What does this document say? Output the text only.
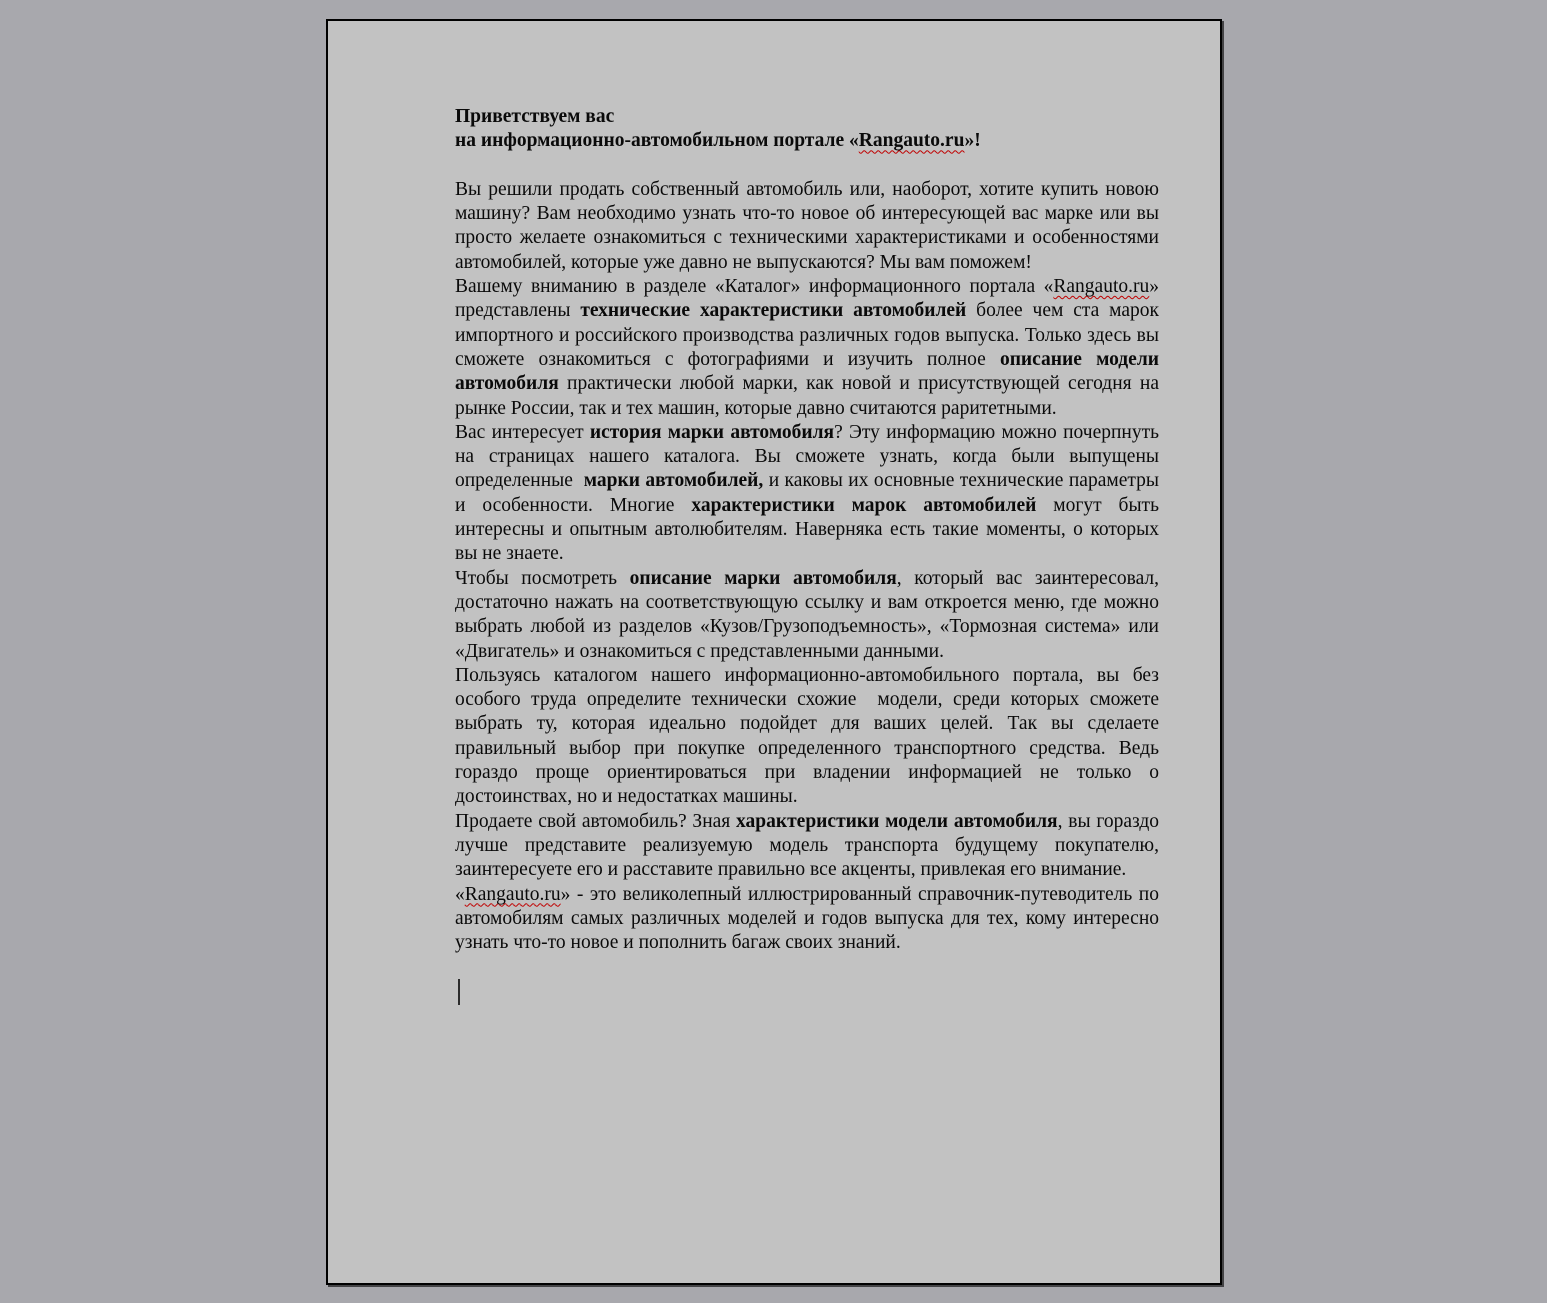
Приветствуем вас
на информационно-автомобильном портале «Rangauto.ru»!
Вы решили продать собственный автомобиль или, наоборот, хотите купить новою машину? Вам необходимо узнать что-то новое об интересующей вас марке или вы просто желаете ознакомиться с техническими характеристиками и особенностями автомобилей, которые уже давно не выпускаются? Мы вам поможем!
Вашему вниманию в разделе «Каталог» информационного портала «Rangauto.ru» представлены технические характеристики автомобилей более чем ста марок импортного и российского производства различных годов выпуска. Только здесь вы сможете ознакомиться с фотографиями и изучить полное описание модели автомобиля практически любой марки, как новой и присутствующей сегодня на рынке России, так и тех машин, которые давно считаются раритетными.
Вас интересует история марки автомобиля? Эту информацию можно почерпнуть на страницах нашего каталога. Вы сможете узнать, когда были выпущены определенные  марки автомобилей, и каковы их основные технические параметры и особенности. Многие характеристики марок автомобилей могут быть интересны и опытным автолюбителям. Наверняка есть такие моменты, о которых вы не знаете.
Чтобы посмотреть описание марки автомобиля, который вас заинтересовал, достаточно нажать на соответствующую ссылку и вам откроется меню, где можно выбрать любой из разделов «Кузов/Грузоподъемность», «Тормозная система» или «Двигатель» и ознакомиться с представленными данными.
Пользуясь каталогом нашего информационно-автомобильного портала, вы без особого труда определите технически схожие  модели, среди которых сможете выбрать ту, которая идеально подойдет для ваших целей. Так вы сделаете правильный выбор при покупке определенного транспортного средства. Ведь гораздо проще ориентироваться при владении информацией не только о достоинствах, но и недостатках машины.
Продаете свой автомобиль? Зная характеристики модели автомобиля, вы гораздо лучше представите реализуемую модель транспорта будущему покупателю, заинтересуете его и расставите правильно все акценты, привлекая его внимание.
«Rangauto.ru» - это великолепный иллюстрированный справочник-путеводитель по автомобилям самых различных моделей и годов выпуска для тех, кому интересно узнать что-то новое и пополнить багаж своих знаний.
